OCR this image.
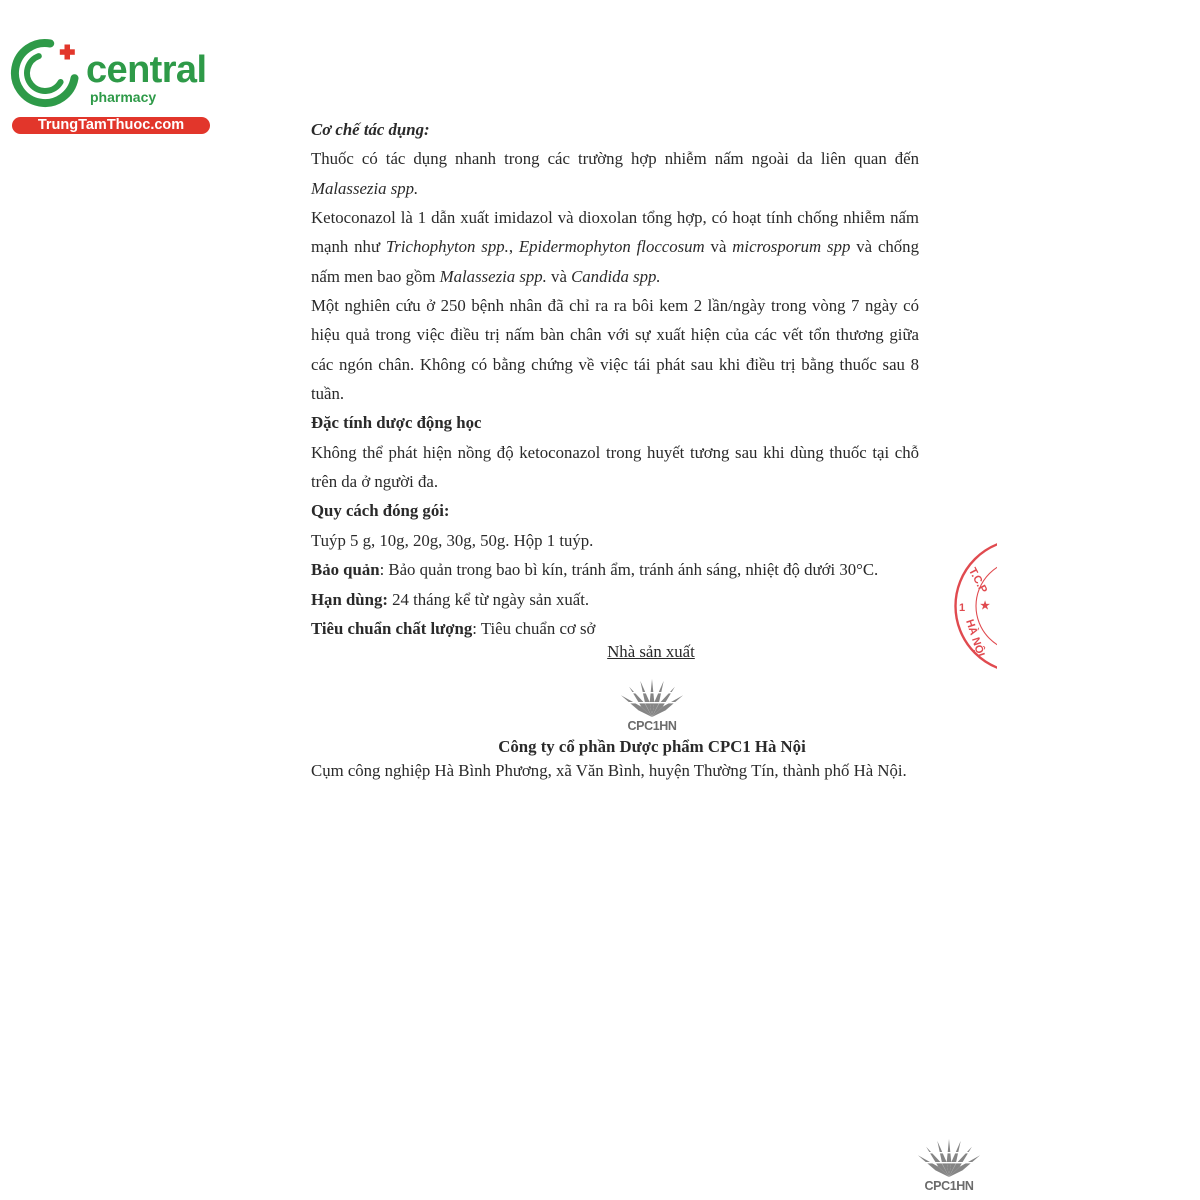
central
pharmacy
TrungTamThuoc.com	Cơ chế tác dụng:
Thuốc có tác dụng nhanh trong các trường hợp nhiễm nấm ngoài da liên quan đến
Malassezia spp.
Ketoconazol là 1 dẫn xuất imidazol và dioxolan tổng hợp, có hoạt tính chống nhiễm nấm
mạnh như Trichophyton spp., Epidermophyton floccosum và microsporum spp và chống
nấm men bao gồm Malassezia spp. và Candida spp.
Một nghiên cứu ở 250 bệnh nhân đã chỉ ra ra bôi kem 2 lần/ngày trong vòng 7 ngày có
hiệu quả trong việc điều trị nấm bàn chân với sự xuất hiện của các vết tổn thương giữa
các ngón chân. Không có bằng chứng về việc tái phát sau khi điều trị bằng thuốc sau 8
tuần.
Đặc tính dược động học
Không thể phát hiện nồng độ ketoconazol trong huyết tương sau khi dùng thuốc tại chỗ
trên da ở người đa.
Quy cách đóng gói:
Tuýp 5 g, 10g, 20g, 30g, 50g. Hộp 1 tuýp.
Bảo quản: Bảo quản trong bao bì kín, tránh ẩm, tránh ánh sáng, nhiệt độ dưới 30°C.
Hạn dùng: 24 tháng kể từ ngày sản xuất.
Tiêu chuẩn chất lượng: Tiêu chuẩn cơ sở
Nhà sản xuất
CPC1HN
Công ty cổ phần Dược phẩm CPC1 Hà Nội
Cụm công nghiệp Hà Bình Phương, xã Văn Bình, huyện Thường Tín, thành phố Hà Nội.
T.C.P
★
HÀ NỘI
1
CPC1HN
